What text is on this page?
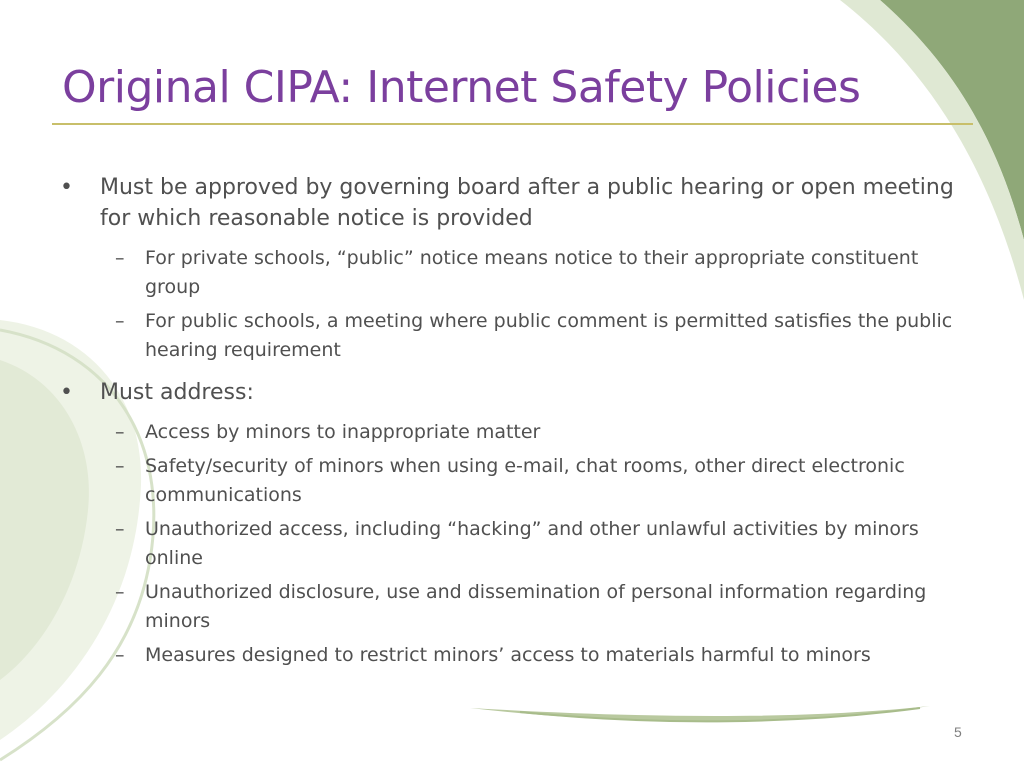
Original CIPA: Internet Safety Policies
•	Must be approved by governing board after a public hearing or open meeting for which reasonable notice is provided
– For private schools, “public” notice means notice to their appropriate constituent group
– For public schools, a meeting where public comment is permitted satisfies the public hearing requirement
•	Must address:
– Access by minors to inappropriate matter
– Safety/security of minors when using e-mail, chat rooms, other direct electronic communications
– Unauthorized access, including “hacking” and other unlawful activities by minors online
– Unauthorized disclosure, use and dissemination of personal information regarding minors
– Measures designed to restrict minors’ access to materials harmful to minors
5
